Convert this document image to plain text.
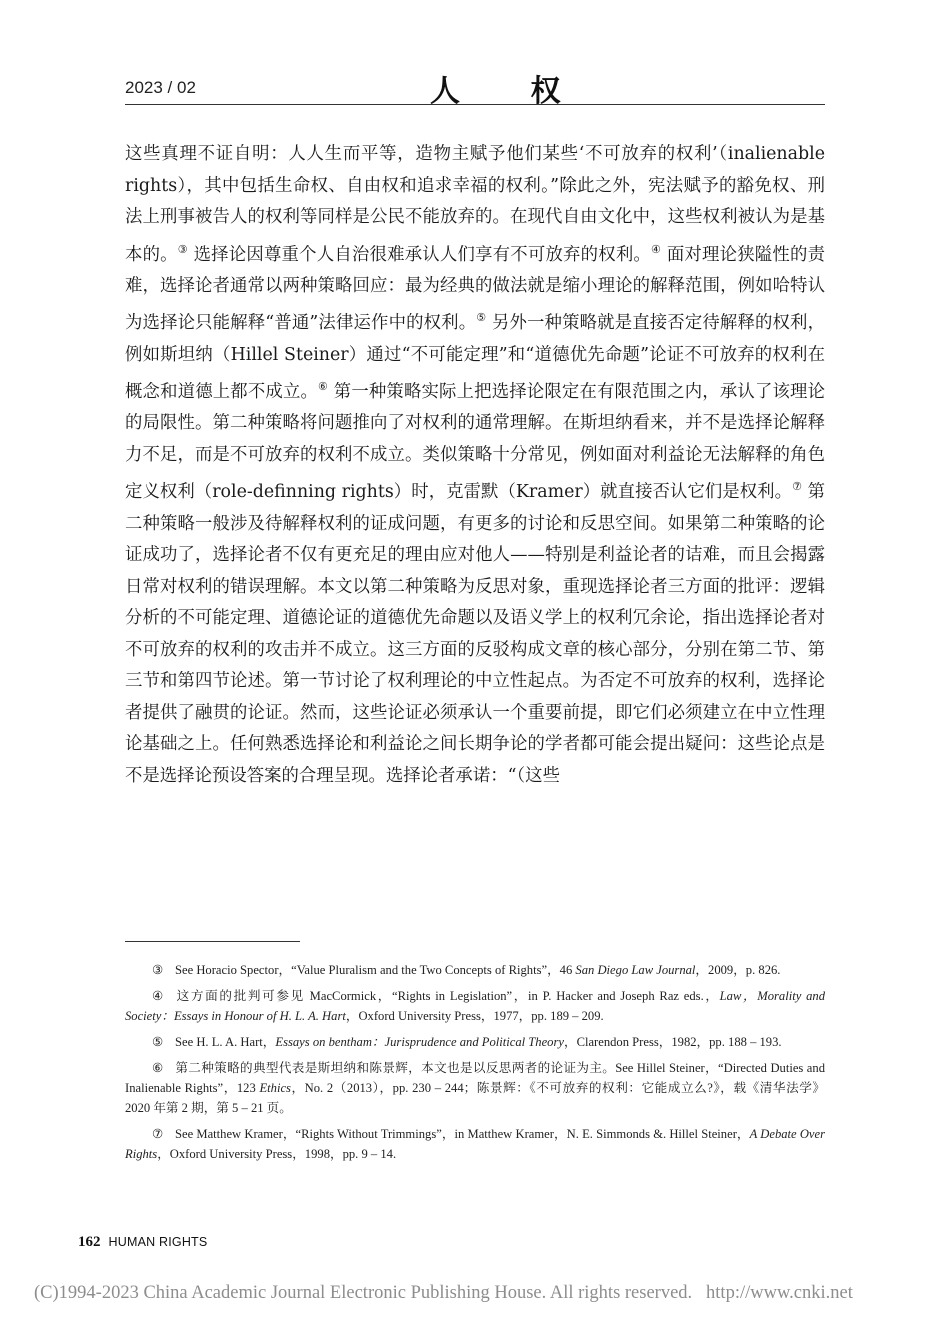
2023 / 02	人 权
这些真理不证自明：人人生而平等，造物主赋予他们某些‘不可放弃的权利’（inalienable rights），其中包括生命权、自由权和追求幸福的权利。”除此之外，宪法赋予的豁免权、刑法上刑事被告人的权利等同样是公民不能放弃的。在现代自由文化中，这些权利被认为是基本的。③ 选择论因尊重个人自治很难承认人们享有不可放弃的权利。④ 面对理论狭隘性的责难，选择论者通常以两种策略回应：最为经典的做法就是缩小理论的解释范围，例如哈特认为选择论只能解释“普通”法律运作中的权利。⑤ 另外一种策略就是直接否定待解释的权利，例如斯坦纳（Hillel Steiner）通过“不可能定理”和“道德优先命题”论证不可放弃的权利在概念和道德上都不成立。⑥ 第一种策略实际上把选择论限定在有限范围之内，承认了该理论的局限性。第二种策略将问题推向了对权利的通常理解。在斯坦纳看来，并不是选择论解释力不足，而是不可放弃的权利不成立。类似策略十分常见，例如面对利益论无法解释的角色定义权利（role-definning rights）时，克雷默（Kramer）就直接否认它们是权利。⑦ 第二种策略一般涉及待解释权利的证成问题，有更多的讨论和反思空间。如果第二种策略的论证成功了，选择论者不仅有更充足的理由应对他人——特别是利益论者的诘难，而且会揭露日常对权利的错误理解。本文以第二种策略为反思对象，重现选择论者三方面的批评：逻辑分析的不可能定理、道德论证的道德优先命题以及语义学上的权利冗余论，指出选择论者对不可放弃的权利的攻击并不成立。这三方面的反驳构成文章的核心部分，分别在第二节、第三节和第四节论述。第一节讨论了权利理论的中立性起点。为否定不可放弃的权利，选择论者提供了融贯的论证。然而，这些论证必须承认一个重要前提，即它们必须建立在中立性理论基础之上。任何熟悉选择论和利益论之间长期争论的学者都可能会提出疑问：这些论点是不是选择论预设答案的合理呈现。选择论者承诺：“（这些

③ See Horacio Spector，“Value Pluralism and the Two Concepts of Rights”，46 San Diego Law Journal，2009，p. 826.

④ 这方面的批判可参见 MacCormick，“Rights in Legislation”，in P. Hacker and Joseph Raz eds.，Law，Morality and Society：Essays in Honour of H. L. A. Hart，Oxford University Press，1977，pp. 189 – 209.

⑤ See H. L. A. Hart，Essays on bentham：Jurisprudence and Political Theory，Clarendon Press，1982，pp. 188 – 193.

⑥ 第二种策略的典型代表是斯坦纳和陈景辉，本文也是以反思两者的论证为主。See Hillel Steiner，“Directed Duties and Inalienable Rights”，123 Ethics，No. 2（2013），pp. 230 – 244；陈景辉：《不可放弃的权利：它能成立么?》，载《清华法学》2020 年第 2 期，第 5 – 21 页。

⑦ See Matthew Kramer，“Rights Without Trimmings”，in Matthew Kramer，N. E. Simmonds &. Hillel Steiner，A Debate Over Rights，Oxford University Press，1998，pp. 9 – 14.

162 HUMAN RIGHTS
(C)1994-2023 China Academic Journal Electronic Publishing House. All rights reserved. http://www.cnki.net
